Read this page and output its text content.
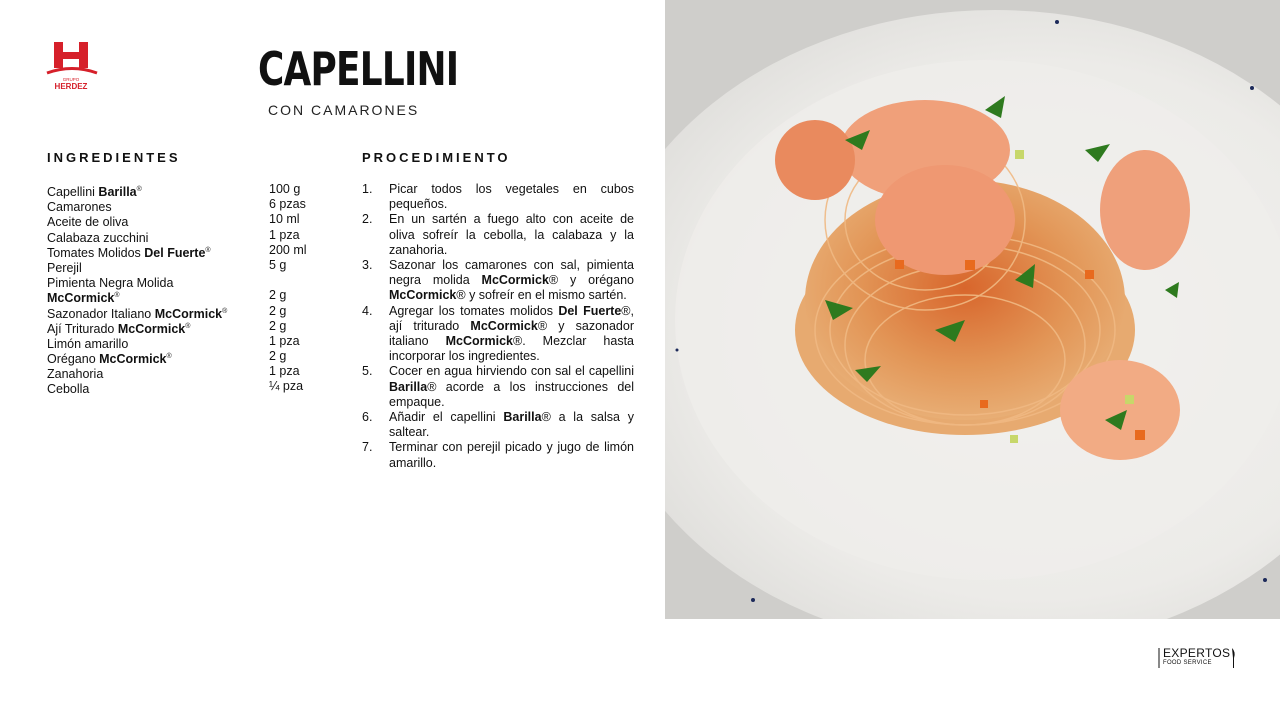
GRUPO
HERDEZ	CAPELLINI
CON CAMARONES
INGREDIENTES	PROCEDIMIENTO
Capellini Barilla®	100 g
Camarones	6 pzas
Aceite de oliva	10 ml
Calabaza zucchini	1 pza
Tomates Molidos Del Fuerte®	200 ml
Perejil	5 g
Pimienta Negra Molida
McCormick®	2 g
Sazonador Italiano McCormick®	2 g
Ají Triturado McCormick®	2 g
Limón amarillo	1 pza
Orégano McCormick®	2 g
Zanahoria	1 pza
Cebolla	¼ pza
1.	Picar todos los vegetales en cubos pequeños.
2.	En un sartén a fuego alto con aceite de oliva sofreír la cebolla, la calabaza y la zanahoria.
3.	Sazonar los camarones con sal, pimienta negra molida McCormick® y orégano McCormick® y sofreír en el mismo sartén.
4.	Agregar los tomates molidos Del Fuerte®, ají triturado McCormick® y sazonador italiano McCormick®. Mezclar hasta incorporar los ingredientes.
5.	Cocer en agua hirviendo con sal el capellini Barilla® acorde a los instrucciones del empaque.
6.	Añadir el capellini Barilla® a la salsa y saltear.
7.	Terminar con perejil picado y jugo de limón amarillo.
EXPERTOS
FOOD SERVICE
